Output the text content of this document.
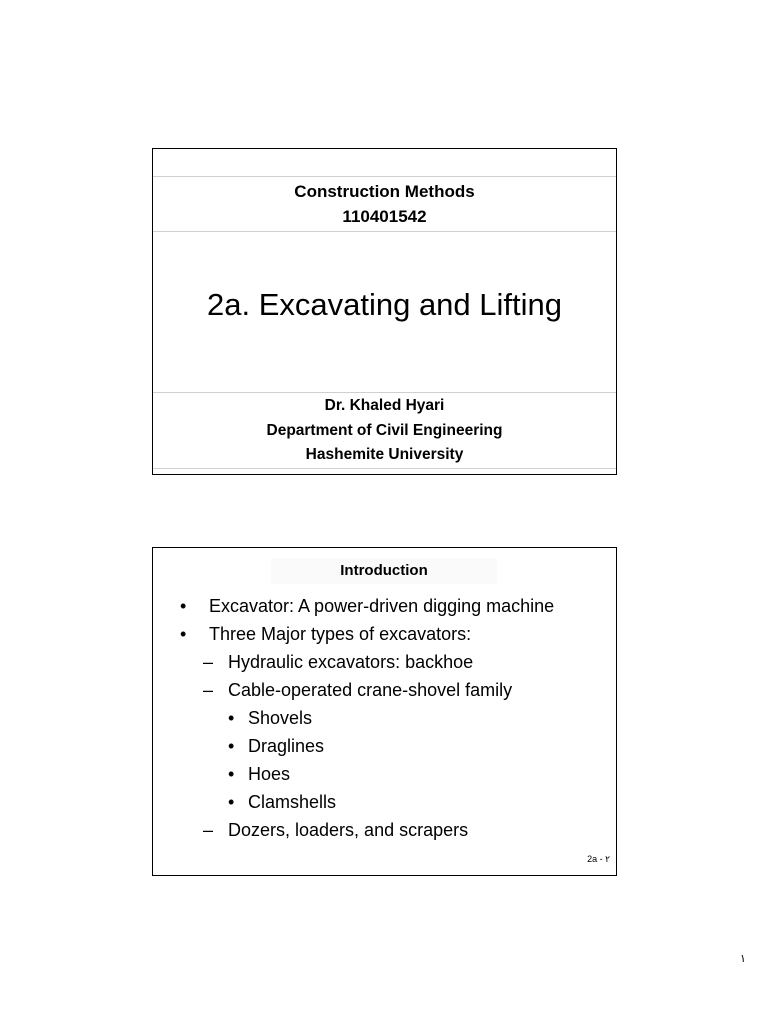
Construction Methods
110401542
2a. Excavating and Lifting
Dr. Khaled Hyari
Department of Civil Engineering
Hashemite University
Introduction
• Excavator: A power-driven digging machine
• Three Major types of excavators:
– Hydraulic excavators: backhoe
– Cable-operated crane-shovel family
• Shovels
• Draglines
• Hoes
• Clamshells
– Dozers, loaders, and scrapers
2a - ٢
١
